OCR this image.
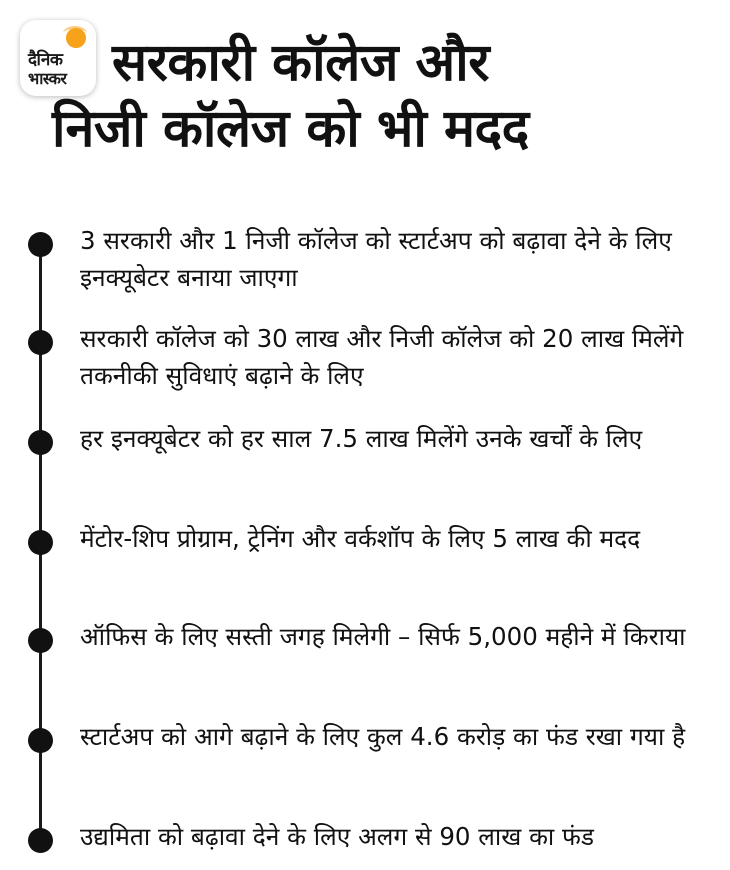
दैनिक
भास्कर सरकारी कॉलेज और
निजी कॉलेज को भी मदद

3 सरकारी और 1 निजी कॉलेज को स्टार्टअप को बढ़ावा देने के लिए इनक्यूबेटर बनाया जाएगा

सरकारी कॉलेज को 30 लाख और निजी कॉलेज को 20 लाख मिलेंगे तकनीकी सुविधाएं बढ़ाने के लिए

हर इनक्यूबेटर को हर साल 7.5 लाख मिलेंगे उनके खर्चों के लिए

मेंटोर-शिप प्रोग्राम, ट्रेनिंग और वर्कशॉप के लिए 5 लाख की मदद

ऑफिस के लिए सस्ती जगह मिलेगी – सिर्फ 5,000 महीने में किराया

स्टार्टअप को आगे बढ़ाने के लिए कुल 4.6 करोड़ का फंड रखा गया है

उद्यमिता को बढ़ावा देने के लिए अलग से 90 लाख का फंड
